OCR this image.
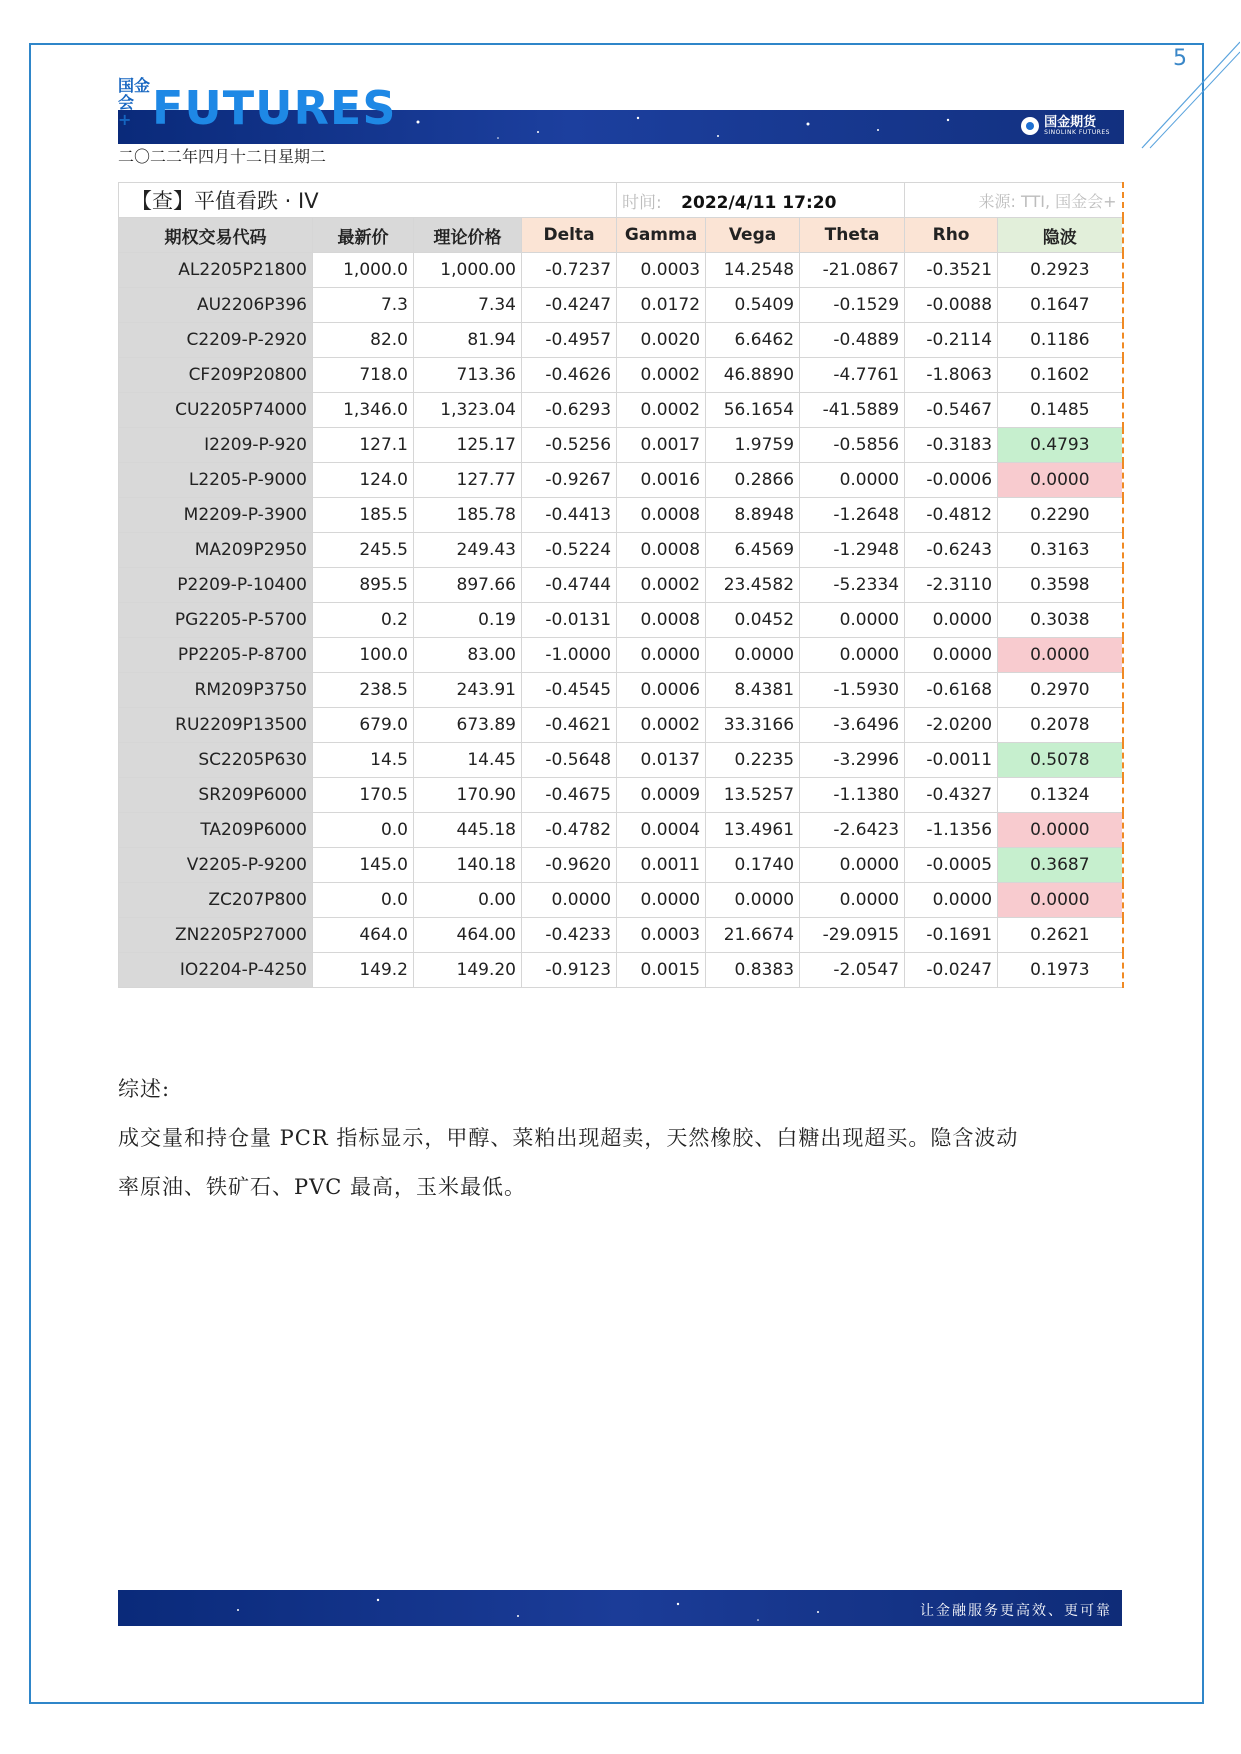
5
国金期货
SINOLINK FUTURES
国金
会 + FUTURES
二〇二二年四月十二日星期二
【查】平值看跌 · IV				时间: 2022/4/11 17:20			来源: TTI, 国金会+	
期权交易代码	最新价	理论价格	Delta	Gamma	Vega	Theta	Rho	隐波
AL2205P21800	1,000.0	1,000.00	-0.7237	0.0003	14.2548	-21.0867	-0.3521	0.2923
AU2206P396	7.3	7.34	-0.4247	0.0172	0.5409	-0.1529	-0.0088	0.1647
C2209-P-2920	82.0	81.94	-0.4957	0.0020	6.6462	-0.4889	-0.2114	0.1186
CF209P20800	718.0	713.36	-0.4626	0.0002	46.8890	-4.7761	-1.8063	0.1602
CU2205P74000	1,346.0	1,323.04	-0.6293	0.0002	56.1654	-41.5889	-0.5467	0.1485
I2209-P-920	127.1	125.17	-0.5256	0.0017	1.9759	-0.5856	-0.3183	0.4793
L2205-P-9000	124.0	127.77	-0.9267	0.0016	0.2866	0.0000	-0.0006	0.0000
M2209-P-3900	185.5	185.78	-0.4413	0.0008	8.8948	-1.2648	-0.4812	0.2290
MA209P2950	245.5	249.43	-0.5224	0.0008	6.4569	-1.2948	-0.6243	0.3163
P2209-P-10400	895.5	897.66	-0.4744	0.0002	23.4582	-5.2334	-2.3110	0.3598
PG2205-P-5700	0.2	0.19	-0.0131	0.0008	0.0452	0.0000	0.0000	0.3038
PP2205-P-8700	100.0	83.00	-1.0000	0.0000	0.0000	0.0000	0.0000	0.0000
RM209P3750	238.5	243.91	-0.4545	0.0006	8.4381	-1.5930	-0.6168	0.2970
RU2209P13500	679.0	673.89	-0.4621	0.0002	33.3166	-3.6496	-2.0200	0.2078
SC2205P630	14.5	14.45	-0.5648	0.0137	0.2235	-3.2996	-0.0011	0.5078
SR209P6000	170.5	170.90	-0.4675	0.0009	13.5257	-1.1380	-0.4327	0.1324
TA209P6000	0.0	445.18	-0.4782	0.0004	13.4961	-2.6423	-1.1356	0.0000
V2205-P-9200	145.0	140.18	-0.9620	0.0011	0.1740	0.0000	-0.0005	0.3687
ZC207P800	0.0	0.00	0.0000	0.0000	0.0000	0.0000	0.0000	0.0000
ZN2205P27000	464.0	464.00	-0.4233	0.0003	21.6674	-29.0915	-0.1691	0.2621
IO2204-P-4250	149.2	149.20	-0.9123	0.0015	0.8383	-2.0547	-0.0247	0.1973

综述:

成交量和持仓量 PCR 指标显示，甲醇、菜粕出现超卖，天然橡胶、白糖出现超买。隐含波动

率原油、铁矿石、PVC 最高，玉米最低。

让金融服务更高效、更可靠
